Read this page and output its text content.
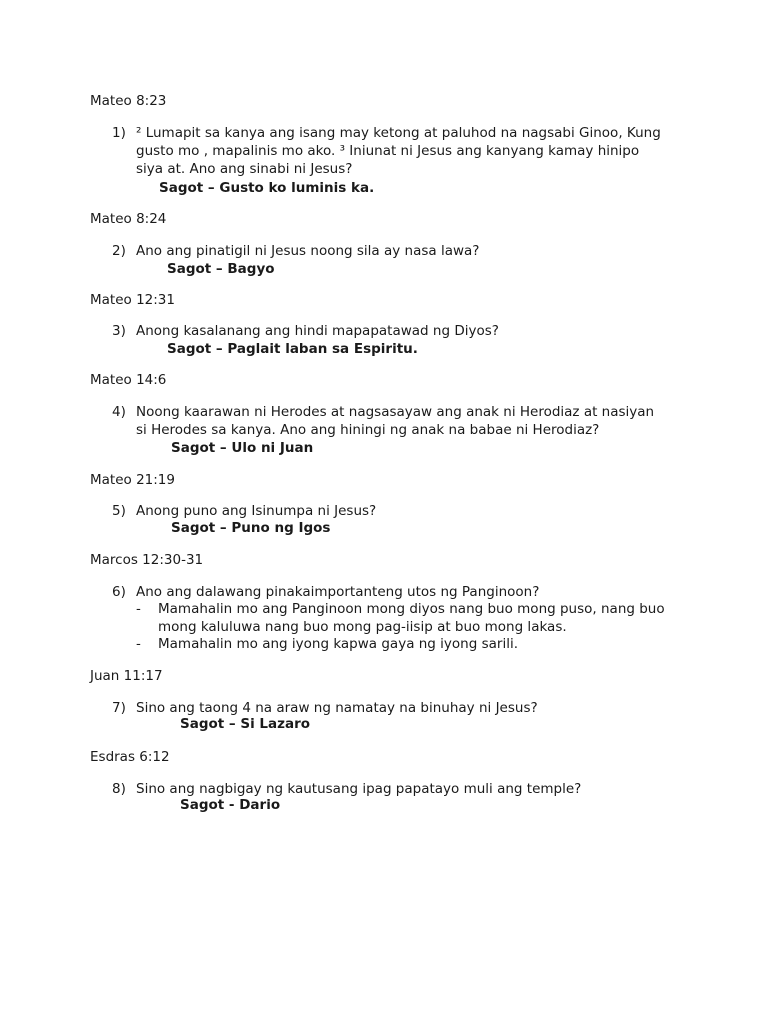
Mateo 8:23
1) ² Lumapit sa kanya ang isang may ketong at paluhod na nagsabi Ginoo, Kung
gusto mo , mapalinis mo ako. ³ Iniunat ni Jesus ang kanyang kamay hinipo
siya at. Ano ang sinabi ni Jesus?
Sagot – Gusto ko luminis ka.
Mateo 8:24
2) Ano ang pinatigil ni Jesus noong sila ay nasa lawa?
Sagot – Bagyo
Mateo 12:31
3) Anong kasalanang ang hindi mapapatawad ng Diyos?
Sagot – Paglait laban sa Espiritu.
Mateo 14:6
4) Noong kaarawan ni Herodes at nagsasayaw ang anak ni Herodiaz at nasiyan
si Herodes sa kanya. Ano ang hiningi ng anak na babae ni Herodiaz?
Sagot – Ulo ni Juan
Mateo 21:19
5) Anong puno ang Isinumpa ni Jesus?
Sagot – Puno ng Igos
Marcos 12:30-31
6) Ano ang dalawang pinakaimportanteng utos ng Panginoon?
- Mamahalin mo ang Panginoon mong diyos nang buo mong puso, nang buo
mong kaluluwa nang buo mong pag-iisip at buo mong lakas.
- Mamahalin mo ang iyong kapwa gaya ng iyong sarili.
Juan 11:17
7) Sino ang taong 4 na araw ng namatay na binuhay ni Jesus?
Sagot – Si Lazaro
Esdras 6:12
8) Sino ang nagbigay ng kautusang ipag papatayo muli ang temple?
Sagot - Dario
